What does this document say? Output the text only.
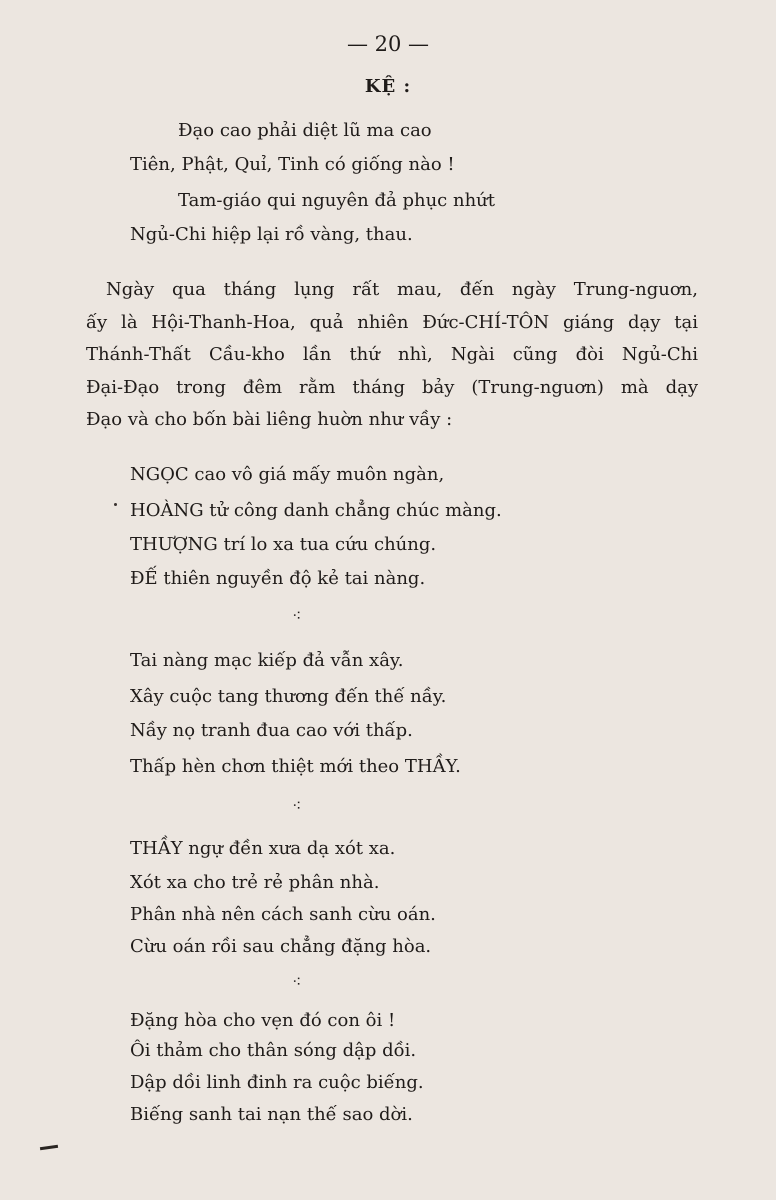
— 20 —
KỆ :
Đạo cao phải diệt lũ ma cao
Tiên, Phật, Quỉ, Tinh có giống nào !
Tam-giáo qui nguyên đả phục nhứt
Ngủ-Chi hiệp lại rồ vàng, thau.
Ngày qua tháng lụng rất mau, đến ngày Trung-nguơn,
ấy là Hội-Thanh-Hoa, quả nhiên Đức-CHÍ-TÔN giáng dạy tại
Thánh-Thất Cầu-kho lần thứ nhì, Ngài cũng đòi Ngủ-Chi
Đại-Đạo trong đêm rằm tháng bảy (Trung-nguơn) mà dạy
Đạo và cho bốn bài liêng huờn như vầy :
NGỌC cao vô giá mấy muôn ngàn,
HOÀNG tử công danh chẳng chúc màng.
THƯỢNG trí lo xa tua cứu chúng.
ĐẾ thiên nguyền độ kẻ tai nàng.
⁖
Tai nàng mạc kiếp đả vẫn xây.
Xây cuộc tang thương đến thế nầy.
Nầy nọ tranh đua cao với thấp.
Thấp hèn chơn thiệt mới theo THẦY.
⁖
THẦY ngự đền xưa dạ xót xa.
Xót xa cho trẻ rẻ phân nhà.
Phân nhà nên cách sanh cừu oán.
Cừu oán rồi sau chẳng đặng hòa.
⁖
Đặng hòa cho vẹn đó con ôi !
Ôi thảm cho thân sóng dập dồi.
Dập dồi linh đinh ra cuộc biếng.
Biếng sanh tai nạn thế sao dời.
